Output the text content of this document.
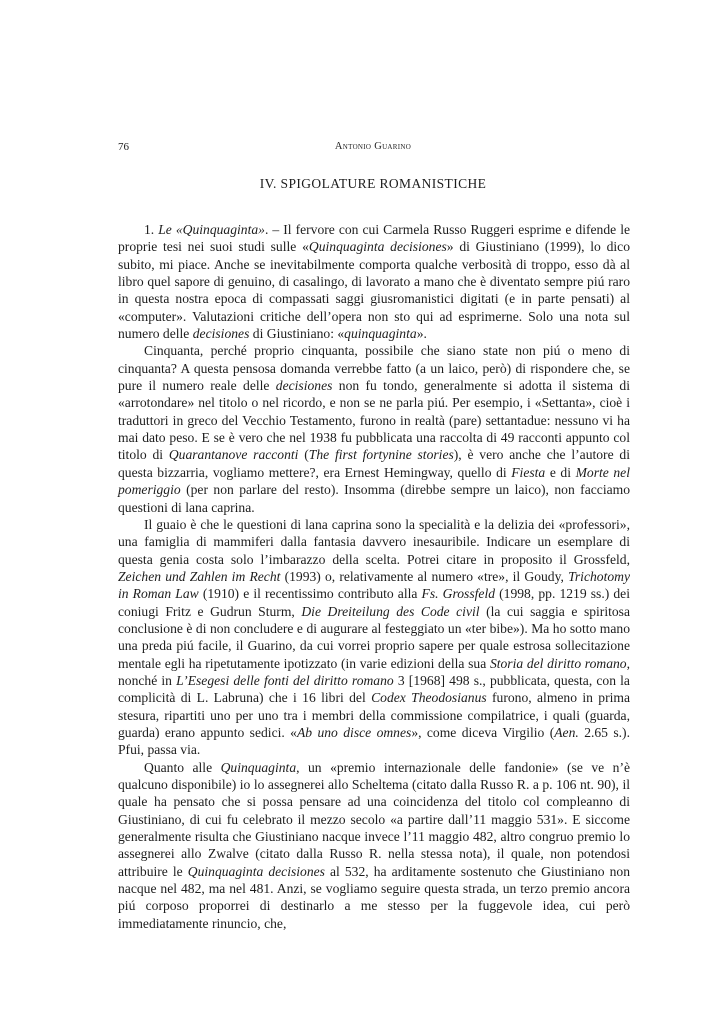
76	Antonio Guarino
IV. SPIGOLATURE ROMANISTICHE

1. Le «Quinquaginta». – Il fervore con cui Carmela Russo Ruggeri esprime e difende le proprie tesi nei suoi studi sulle «Quinquaginta decisiones» di Giustiniano (1999), lo dico subito, mi piace. Anche se inevitabilmente comporta qualche verbosità di troppo, esso dà al libro quel sapore di genuino, di casalingo, di lavorato a mano che è diventato sempre piú raro in questa nostra epoca di compassati saggi giusromanistici digitati (e in parte pensati) al «computer». Valutazioni critiche dell’opera non sto qui ad esprimerne. Solo una nota sul numero delle decisiones di Giustiniano: «quinquaginta».

Cinquanta, perché proprio cinquanta, possibile che siano state non piú o meno di cinquanta? A questa pensosa domanda verrebbe fatto (a un laico, però) di rispondere che, se pure il numero reale delle decisiones non fu tondo, generalmente si adotta il sistema di «arrotondare» nel titolo o nel ricordo, e non se ne parla piú. Per esempio, i «Settanta», cioè i traduttori in greco del Vecchio Testamento, furono in realtà (pare) settantadue: nessuno vi ha mai dato peso. E se è vero che nel 1938 fu pubblicata una raccolta di 49 racconti appunto col titolo di Quarantanove racconti (The first fortynine stories), è vero anche che l’autore di questa bizzarria, vogliamo mettere?, era Ernest Hemingway, quello di Fiesta e di Morte nel pomeriggio (per non parlare del resto). Insomma (direbbe sempre un laico), non facciamo questioni di lana caprina.

Il guaio è che le questioni di lana caprina sono la specialità e la delizia dei «professori», una famiglia di mammiferi dalla fantasia davvero inesauribile. Indicare un esemplare di questa genia costa solo l’imbarazzo della scelta. Potrei citare in proposito il Grossfeld, Zeichen und Zahlen im Recht (1993) o, relativamente al numero «tre», il Goudy, Trichotomy in Roman Law (1910) e il recentissimo contributo alla Fs. Grossfeld (1998, pp. 1219 ss.) dei coniugi Fritz e Gudrun Sturm, Die Dreiteilung des Code civil (la cui saggia e spiritosa conclusione è di non concludere e di augurare al festeggiato un «ter bibe»). Ma ho sotto mano una preda piú facile, il Guarino, da cui vorrei proprio sapere per quale estrosa sollecitazione mentale egli ha ripetutamente ipotizzato (in varie edizioni della sua Storia del diritto romano, nonché in L’Esegesi delle fonti del diritto romano 3 [1968] 498 s., pubblicata, questa, con la complicità di L. Labruna) che i 16 libri del Codex Theodosianus furono, almeno in prima stesura, ripartiti uno per uno tra i membri della commissione compilatrice, i quali (guarda, guarda) erano appunto sedici. «Ab uno disce omnes», come diceva Virgilio (Aen. 2.65 s.). Pfui, passa via.

Quanto alle Quinquaginta, un «premio internazionale delle fandonie» (se ve n’è qualcuno disponibile) io lo assegnerei allo Scheltema (citato dalla Russo R. a p. 106 nt. 90), il quale ha pensato che si possa pensare ad una coincidenza del titolo col compleanno di Giustiniano, di cui fu celebrato il mezzo secolo «a partire dall’11 maggio 531». E siccome generalmente risulta che Giustiniano nacque invece l’11 maggio 482, altro congruo premio lo assegnerei allo Zwalve (citato dalla Russo R. nella stessa nota), il quale, non potendosi attribuire le Quinquaginta decisiones al 532, ha arditamente sostenuto che Giustiniano non nacque nel 482, ma nel 481. Anzi, se vogliamo seguire questa strada, un terzo premio ancora piú corposo proporrei di destinarlo a me stesso per la fuggevole idea, cui però immediatamente rinuncio, che,
